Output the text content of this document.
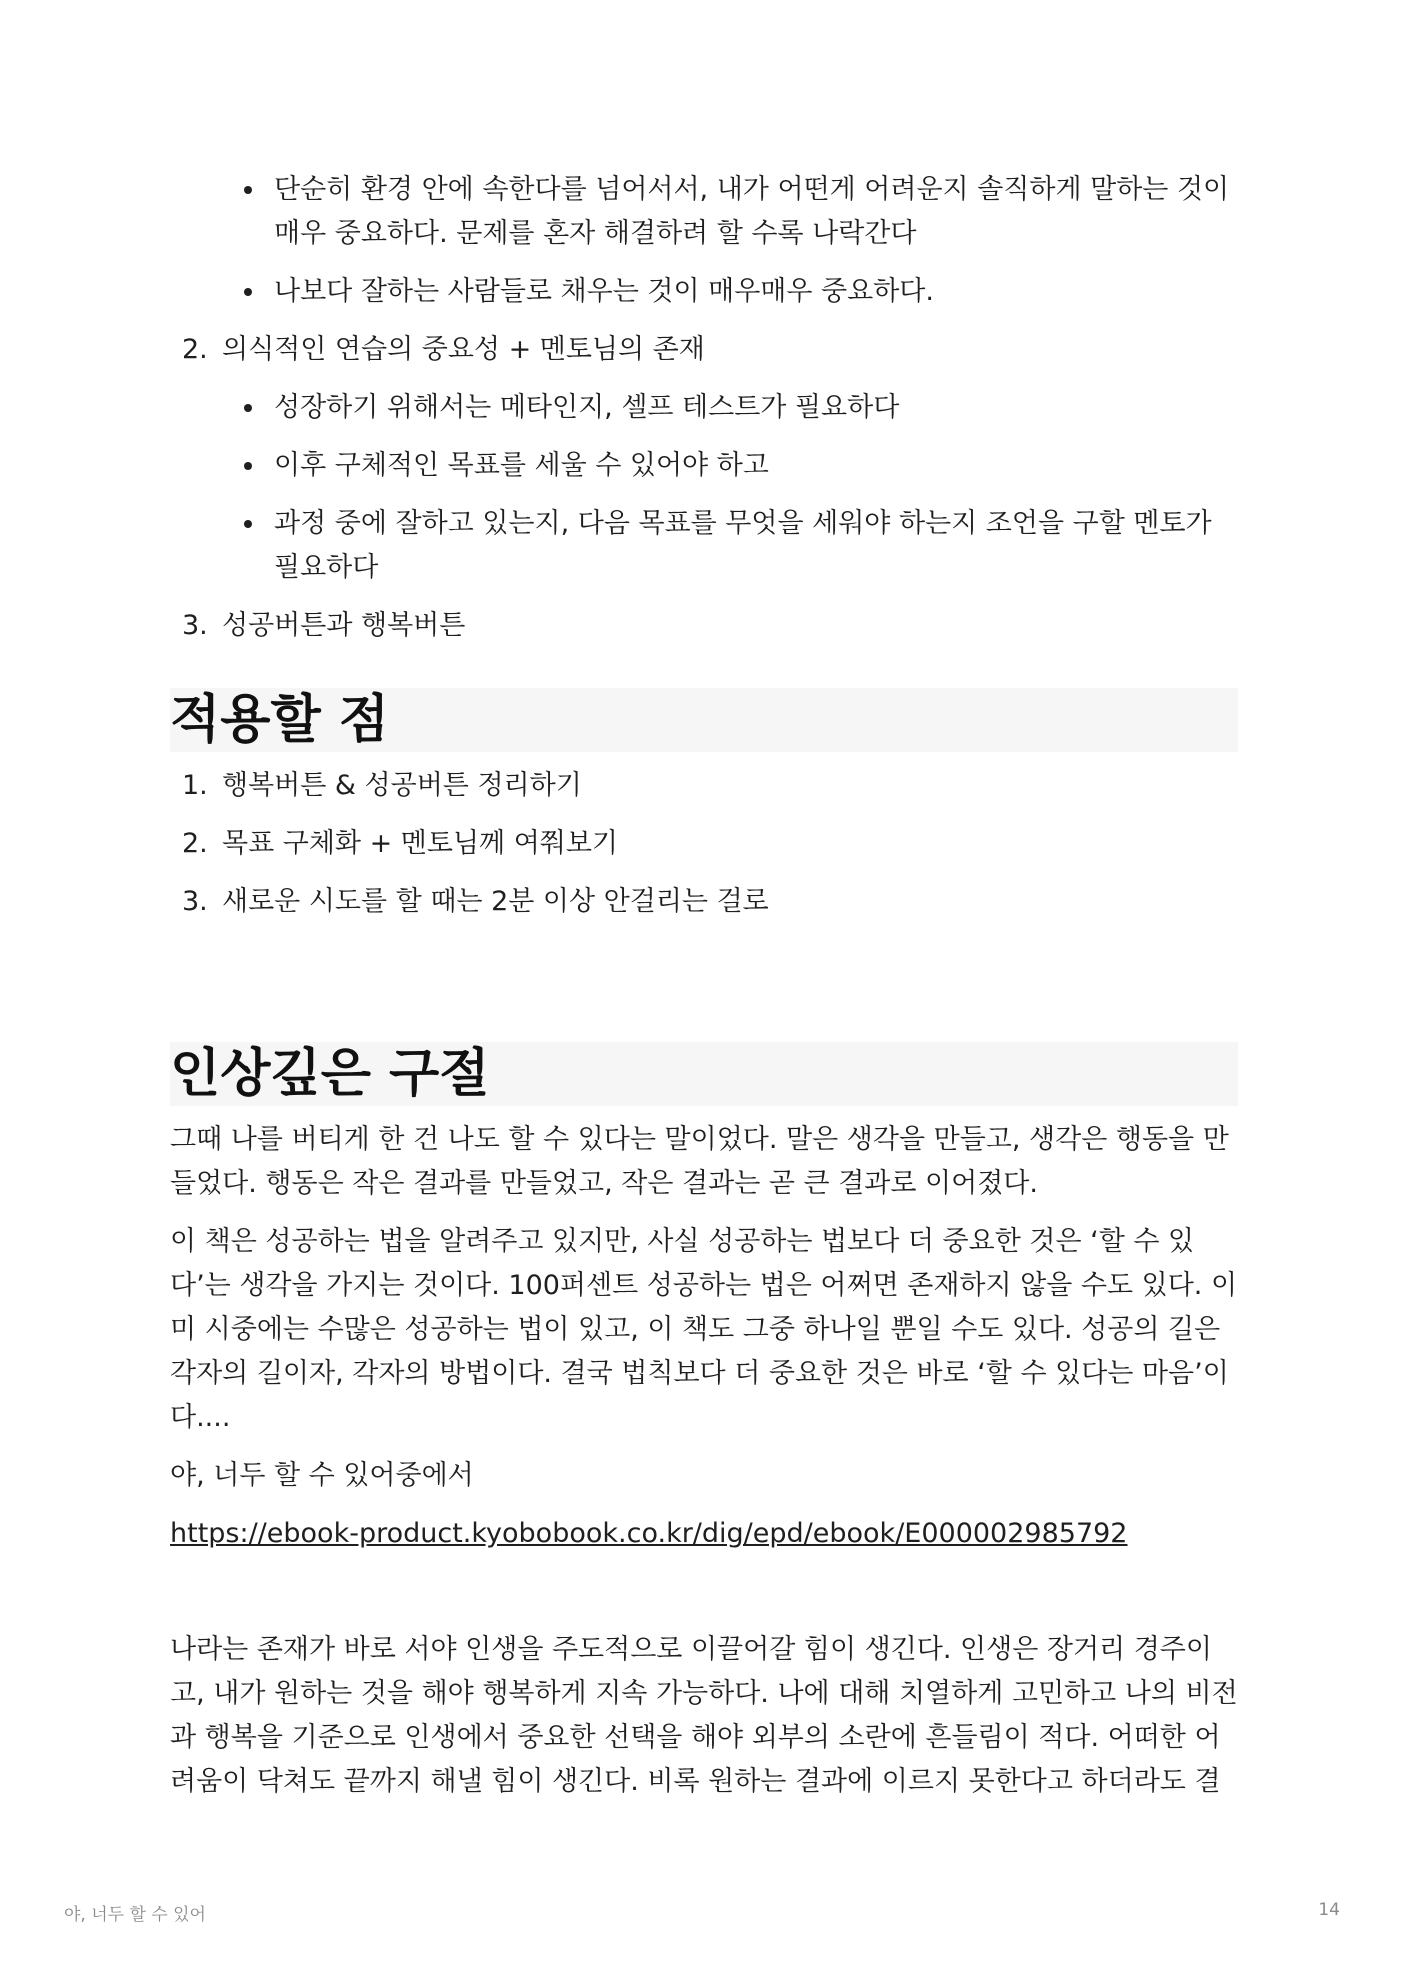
단순히 환경 안에 속한다를 넘어서서, 내가 어떤게 어려운지 솔직하게 말하는 것이 매우 중요하다. 문제를 혼자 해결하려 할 수록 나락간다
나보다 잘하는 사람들로 채우는 것이 매우매우 중요하다.
2. 의식적인 연습의 중요성 + 멘토님의 존재
성장하기 위해서는 메타인지, 셀프 테스트가 필요하다
이후 구체적인 목표를 세울 수 있어야 하고
과정 중에 잘하고 있는지, 다음 목표를 무엇을 세워야 하는지 조언을 구할 멘토가 필요하다
3. 성공버튼과 행복버튼
적용할 점
1. 행복버튼 & 성공버튼 정리하기
2. 목표 구체화 + 멘토님께 여쭤보기
3. 새로운 시도를 할 때는 2분 이상 안걸리는 걸로
인상깊은 구절

그때 나를 버티게 한 건 나도 할 수 있다는 말이었다. 말은 생각을 만들고, 생각은 행동을 만들었다. 행동은 작은 결과를 만들었고, 작은 결과는 곧 큰 결과로 이어졌다.

이 책은 성공하는 법을 알려주고 있지만, 사실 성공하는 법보다 더 중요한 것은 ‘할 수 있다’는 생각을 가지는 것이다. 100퍼센트 성공하는 법은 어쩌면 존재하지 않을 수도 있다. 이미 시중에는 수많은 성공하는 법이 있고, 이 책도 그중 하나일 뿐일 수도 있다. 성공의 길은 각자의 길이자, 각자의 방법이다. 결국 법칙보다 더 중요한 것은 바로 ‘할 수 있다는 마음’이다....

야, 너두 할 수 있어중에서

https://ebook-product.kyobobook.co.kr/dig/epd/ebook/E000002985792

나라는 존재가 바로 서야 인생을 주도적으로 이끌어갈 힘이 생긴다. 인생은 장거리 경주이고, 내가 원하는 것을 해야 행복하게 지속 가능하다. 나에 대해 치열하게 고민하고 나의 비전과 행복을 기준으로 인생에서 중요한 선택을 해야 외부의 소란에 흔들림이 적다. 어떠한 어려움이 닥쳐도 끝까지 해낼 힘이 생긴다. 비록 원하는 결과에 이르지 못한다고 하더라도 결

야, 너두 할 수 있어	14
